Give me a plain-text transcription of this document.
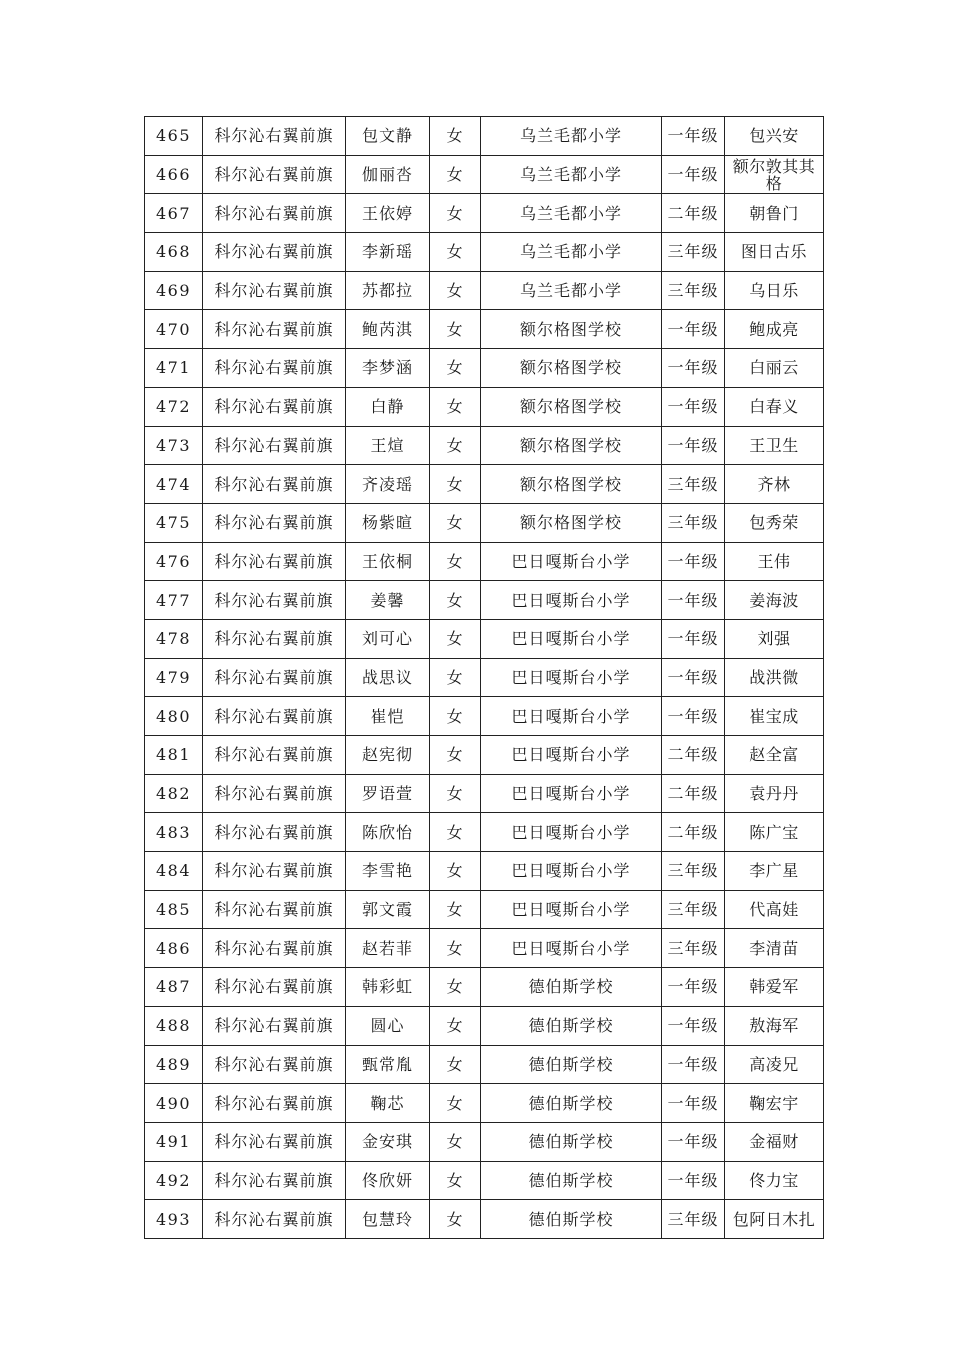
465	科尔沁右翼前旗	包文静	女	乌兰毛都小学	一年级	包兴安
466	科尔沁右翼前旗	伽丽呇	女	乌兰毛都小学	一年级	额尔敦其其格
467	科尔沁右翼前旗	王依婷	女	乌兰毛都小学	二年级	朝鲁门
468	科尔沁右翼前旗	李新瑶	女	乌兰毛都小学	三年级	图日古乐
469	科尔沁右翼前旗	苏都拉	女	乌兰毛都小学	三年级	乌日乐
470	科尔沁右翼前旗	鲍芮淇	女	额尔格图学校	一年级	鲍成亮
471	科尔沁右翼前旗	李梦涵	女	额尔格图学校	一年级	白丽云
472	科尔沁右翼前旗	白静	女	额尔格图学校	一年级	白春义
473	科尔沁右翼前旗	王煊	女	额尔格图学校	一年级	王卫生
474	科尔沁右翼前旗	齐凌瑶	女	额尔格图学校	三年级	齐林
475	科尔沁右翼前旗	杨紫暄	女	额尔格图学校	三年级	包秀荣
476	科尔沁右翼前旗	王依桐	女	巴日嘎斯台小学	一年级	王伟
477	科尔沁右翼前旗	姜馨	女	巴日嘎斯台小学	一年级	姜海波
478	科尔沁右翼前旗	刘可心	女	巴日嘎斯台小学	一年级	刘强
479	科尔沁右翼前旗	战思议	女	巴日嘎斯台小学	一年级	战洪微
480	科尔沁右翼前旗	崔恺	女	巴日嘎斯台小学	一年级	崔宝成
481	科尔沁右翼前旗	赵宪彻	女	巴日嘎斯台小学	二年级	赵全富
482	科尔沁右翼前旗	罗语萱	女	巴日嘎斯台小学	二年级	袁丹丹
483	科尔沁右翼前旗	陈欣怡	女	巴日嘎斯台小学	二年级	陈广宝
484	科尔沁右翼前旗	李雪艳	女	巴日嘎斯台小学	三年级	李广星
485	科尔沁右翼前旗	郭文霞	女	巴日嘎斯台小学	三年级	代高娃
486	科尔沁右翼前旗	赵若菲	女	巴日嘎斯台小学	三年级	李清苗
487	科尔沁右翼前旗	韩彩虹	女	德伯斯学校	一年级	韩爱军
488	科尔沁右翼前旗	圆心	女	德伯斯学校	一年级	敖海军
489	科尔沁右翼前旗	甄常胤	女	德伯斯学校	一年级	高凌兄
490	科尔沁右翼前旗	鞠芯	女	德伯斯学校	一年级	鞠宏宇
491	科尔沁右翼前旗	金安琪	女	德伯斯学校	一年级	金福财
492	科尔沁右翼前旗	佟欣妍	女	德伯斯学校	一年级	佟力宝
493	科尔沁右翼前旗	包慧玲	女	德伯斯学校	三年级	包阿日木扎
